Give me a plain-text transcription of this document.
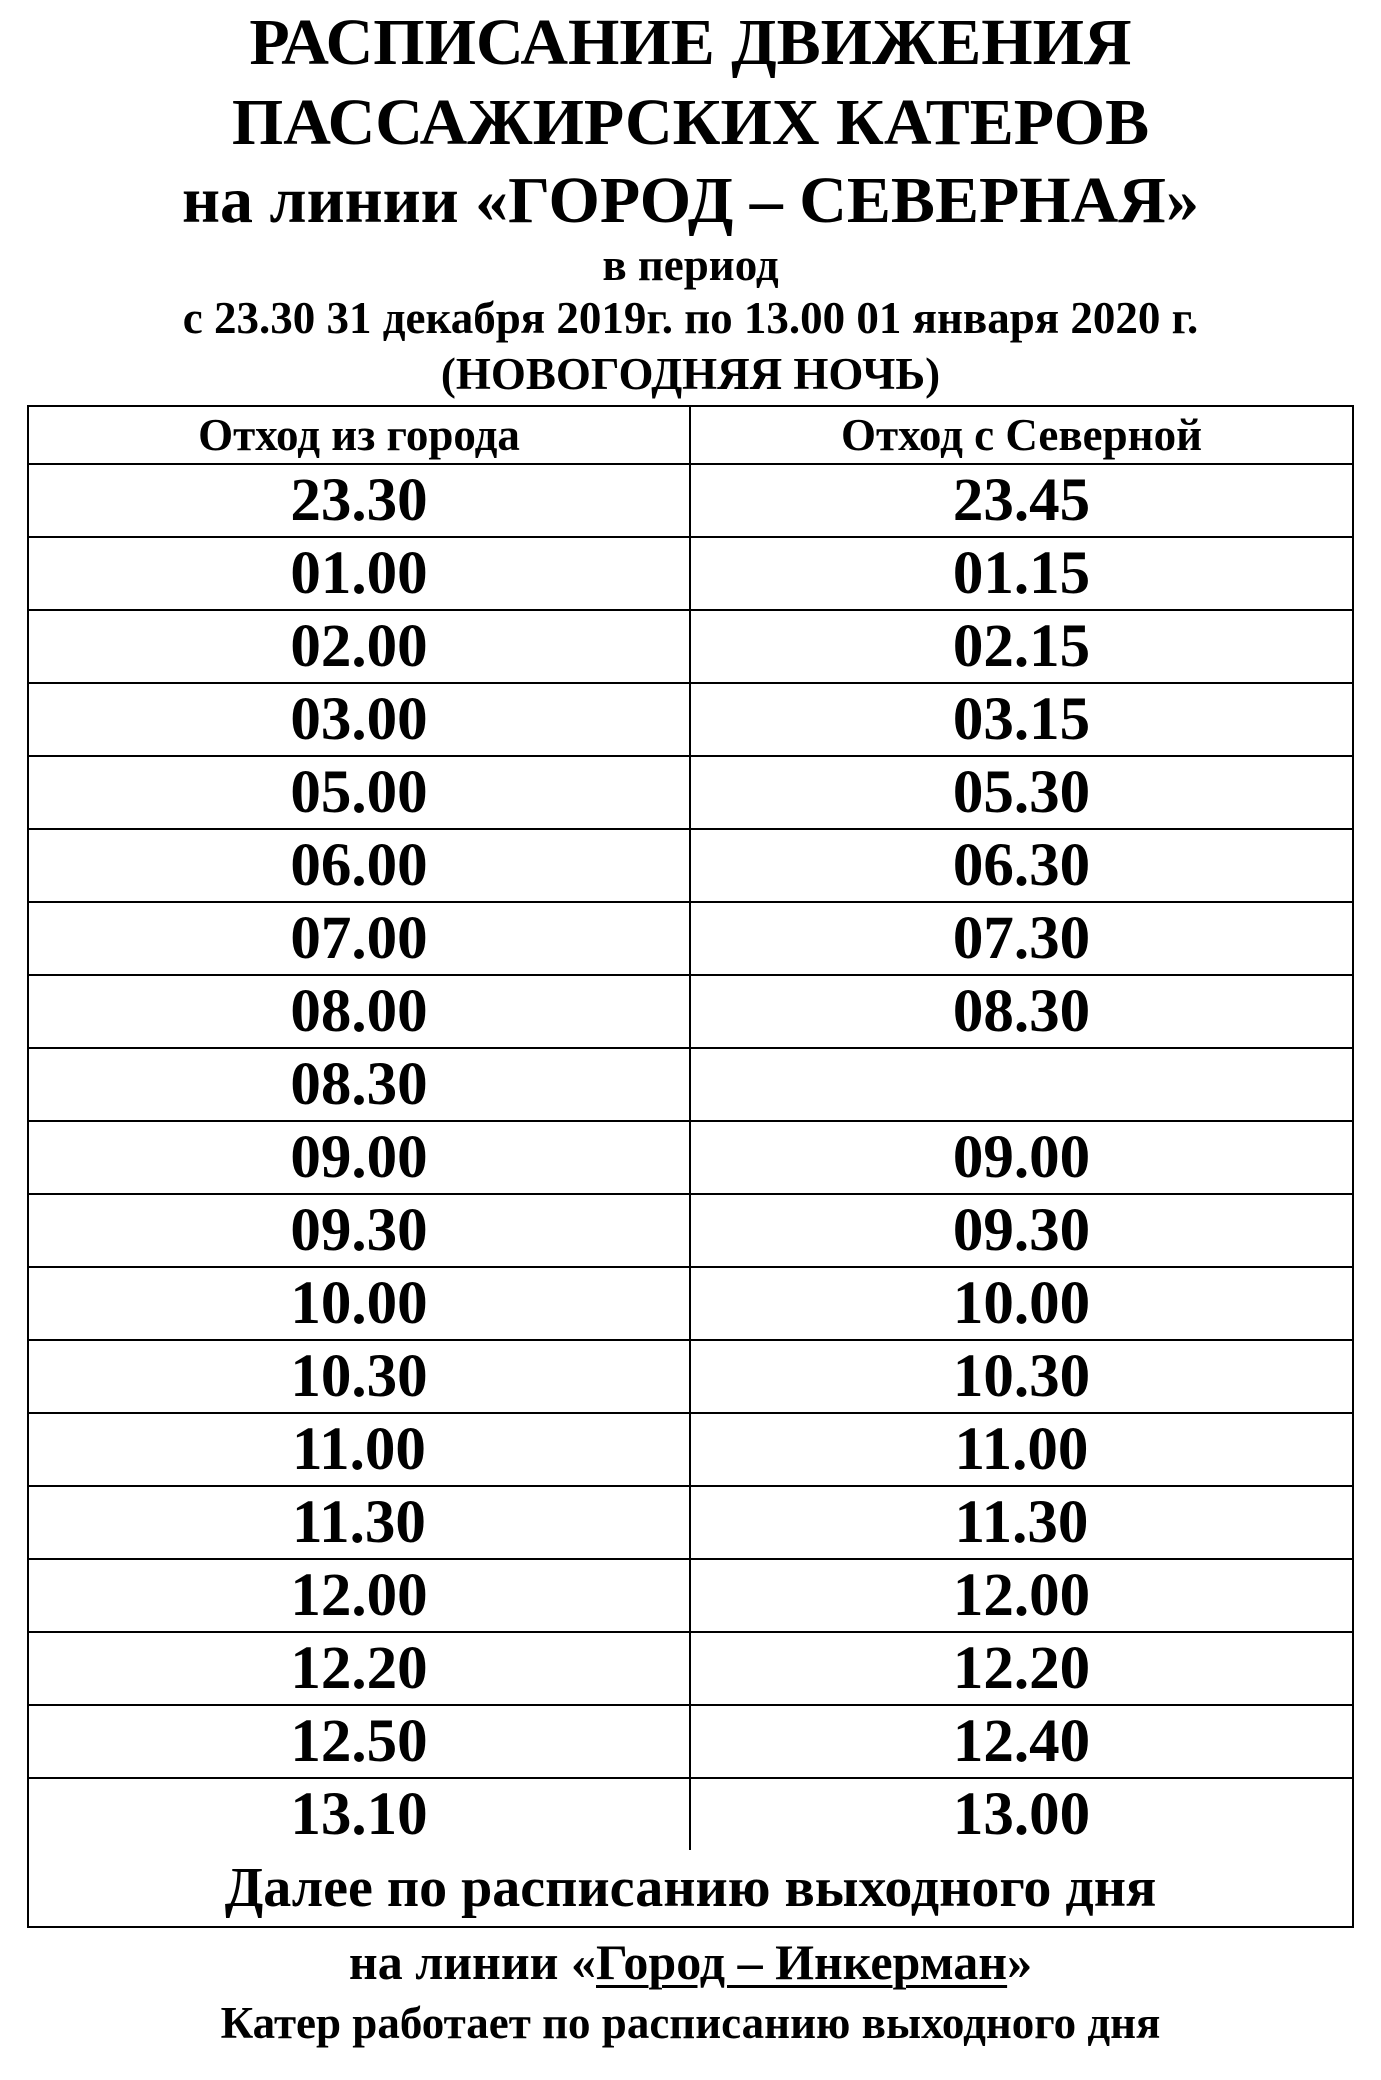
РАСПИСАНИЕ ДВИЖЕНИЯ
ПАССАЖИРСКИХ КАТЕРОВ
на линии «ГОРОД – СЕВЕРНАЯ»
в период
с 23.30 31 декабря 2019г. по 13.00 01 января 2020 г.
(НОВОГОДНЯЯ НОЧЬ)
Отход из города	Отход с Северной
23.30	23.45
01.00	01.15
02.00	02.15
03.00	03.15
05.00	05.30
06.00	06.30
07.00	07.30
08.00	08.30
08.30	
09.00	09.00
09.30	09.30
10.00	10.00
10.30	10.30
11.00	11.00
11.30	11.30
12.00	12.00
12.20	12.20
12.50	12.40
13.10	13.00
Далее по расписанию выходного дня	
на линии «Город – Инкерман»
Катер работает по расписанию выходного дня
